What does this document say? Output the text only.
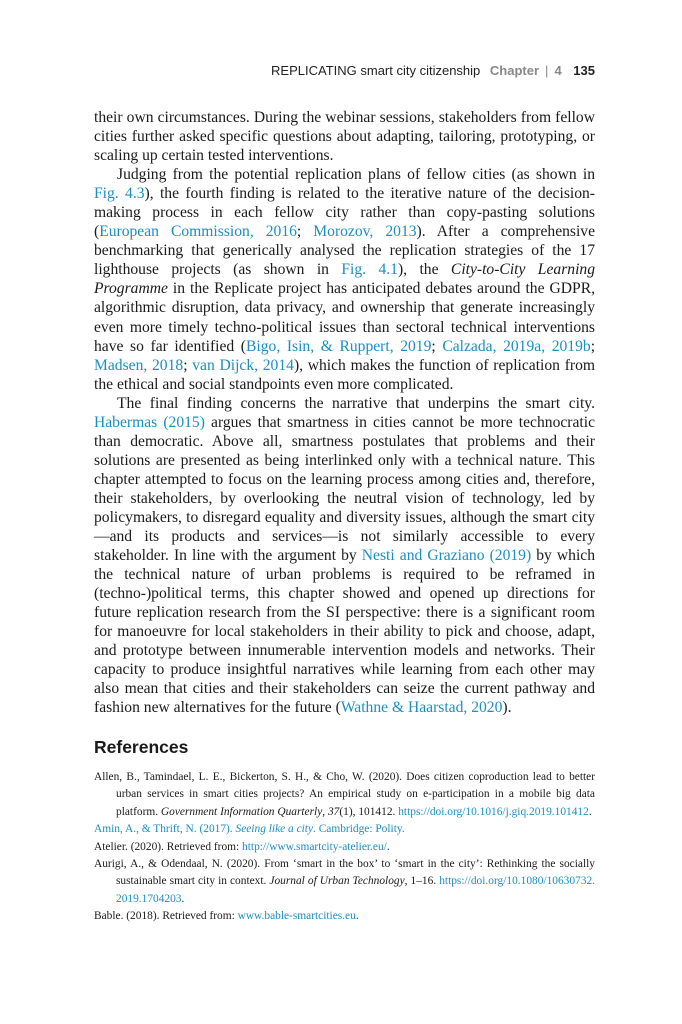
REPLICATING smart city citizenship Chapter | 4 135

their own circumstances. During the webinar sessions, stakeholders from fellow cities further asked specific questions about adapting, tailoring, prototyping, or scaling up certain tested interventions.

Judging from the potential replication plans of fellow cities (as shown in Fig. 4.3), the fourth finding is related to the iterative nature of the decision-making process in each fellow city rather than copy-pasting solutions (European Commission, 2016; Morozov, 2013). After a comprehensive benchmarking that generically analysed the replication strategies of the 17 lighthouse projects (as shown in Fig. 4.1), the City-to-City Learning Programme in the Replicate project has anticipated debates around the GDPR, algorithmic disruption, data privacy, and ownership that generate increasingly even more timely techno-political issues than sectoral technical interventions have so far identified (Bigo, Isin, & Ruppert, 2019; Calzada, 2019a, 2019b; Madsen, 2018; van Dijck, 2014), which makes the function of replication from the ethical and social standpoints even more complicated.

The final finding concerns the narrative that underpins the smart city. Habermas (2015) argues that smartness in cities cannot be more technocratic than democratic. Above all, smartness postulates that problems and their solutions are presented as being interlinked only with a technical nature. This chapter attempted to focus on the learning process among cities and, therefore, their stakeholders, by overlooking the neutral vision of technology, led by policymakers, to disregard equality and diversity issues, although the smart city—and its products and services—is not similarly accessible to every stakeholder. In line with the argument by Nesti and Graziano (2019) by which the technical nature of urban problems is required to be reframed in (techno-)political terms, this chapter showed and opened up directions for future replication research from the SI perspective: there is a significant room for manoeuvre for local stakeholders in their ability to pick and choose, adapt, and prototype between innumerable intervention models and networks. Their capacity to produce insightful narratives while learning from each other may also mean that cities and their stakeholders can seize the current pathway and fashion new alternatives for the future (Wathne & Haarstad, 2020).

References

Allen, B., Tamindael, L. E., Bickerton, S. H., & Cho, W. (2020). Does citizen coproduction lead to better urban services in smart cities projects? An empirical study on e-participation in a mobile big data platform. Government Information Quarterly, 37(1), 101412. https://doi.org/10.1016/j.giq.2019.101412.

Amin, A., & Thrift, N. (2017). Seeing like a city. Cambridge: Polity.

Atelier. (2020). Retrieved from: http://www.smartcity-atelier.eu/.

Aurigi, A., & Odendaal, N. (2020). From ‘smart in the box’ to ‘smart in the city’: Rethinking the socially sustainable smart city in context. Journal of Urban Technology, 1–16. https://doi.org/10.1080/10630732.2019.1704203.

Bable. (2018). Retrieved from: www.bable-smartcities.eu.
